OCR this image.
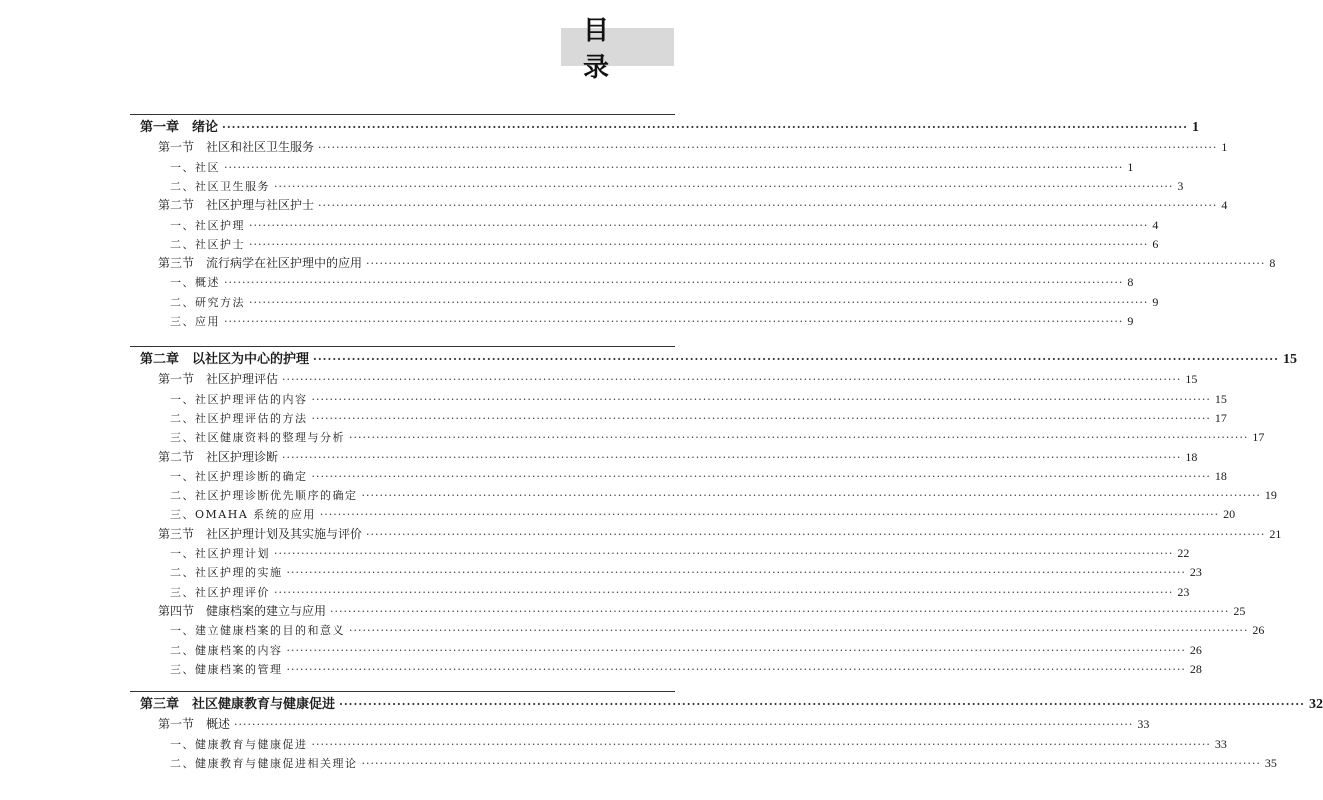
目 录
第一章　绪论 ········································································································································································································ 1
第一节　社区和社区卫生服务 ········································································································································································································ 1
一、社区 ········································································································································································································ 1
二、社区卫生服务 ········································································································································································································ 3
第二节　社区护理与社区护士 ········································································································································································································ 4
一、社区护理 ········································································································································································································ 4
二、社区护士 ········································································································································································································ 6
第三节　流行病学在社区护理中的应用 ········································································································································································································ 8
一、概述 ········································································································································································································ 8
二、研究方法 ········································································································································································································ 9
三、应用 ········································································································································································································ 9
第二章　以社区为中心的护理 ········································································································································································································ 15
第一节　社区护理评估 ········································································································································································································ 15
一、社区护理评估的内容 ········································································································································································································ 15
二、社区护理评估的方法 ········································································································································································································ 17
三、社区健康资料的整理与分析 ········································································································································································································ 17
第二节　社区护理诊断 ········································································································································································································ 18
一、社区护理诊断的确定 ········································································································································································································ 18
二、社区护理诊断优先顺序的确定 ········································································································································································································ 19
三、OMAHA 系统的应用 ········································································································································································································ 20
第三节　社区护理计划及其实施与评价 ········································································································································································································ 21
一、社区护理计划 ········································································································································································································ 22
二、社区护理的实施 ········································································································································································································ 23
三、社区护理评价 ········································································································································································································ 23
第四节　健康档案的建立与应用 ········································································································································································································ 25
一、建立健康档案的目的和意义 ········································································································································································································ 26
二、健康档案的内容 ········································································································································································································ 26
三、健康档案的管理 ········································································································································································································ 28
第三章　社区健康教育与健康促进 ········································································································································································································ 32
第一节　概述 ········································································································································································································ 33
一、健康教育与健康促进 ········································································································································································································ 33
二、健康教育与健康促进相关理论 ········································································································································································································ 35
